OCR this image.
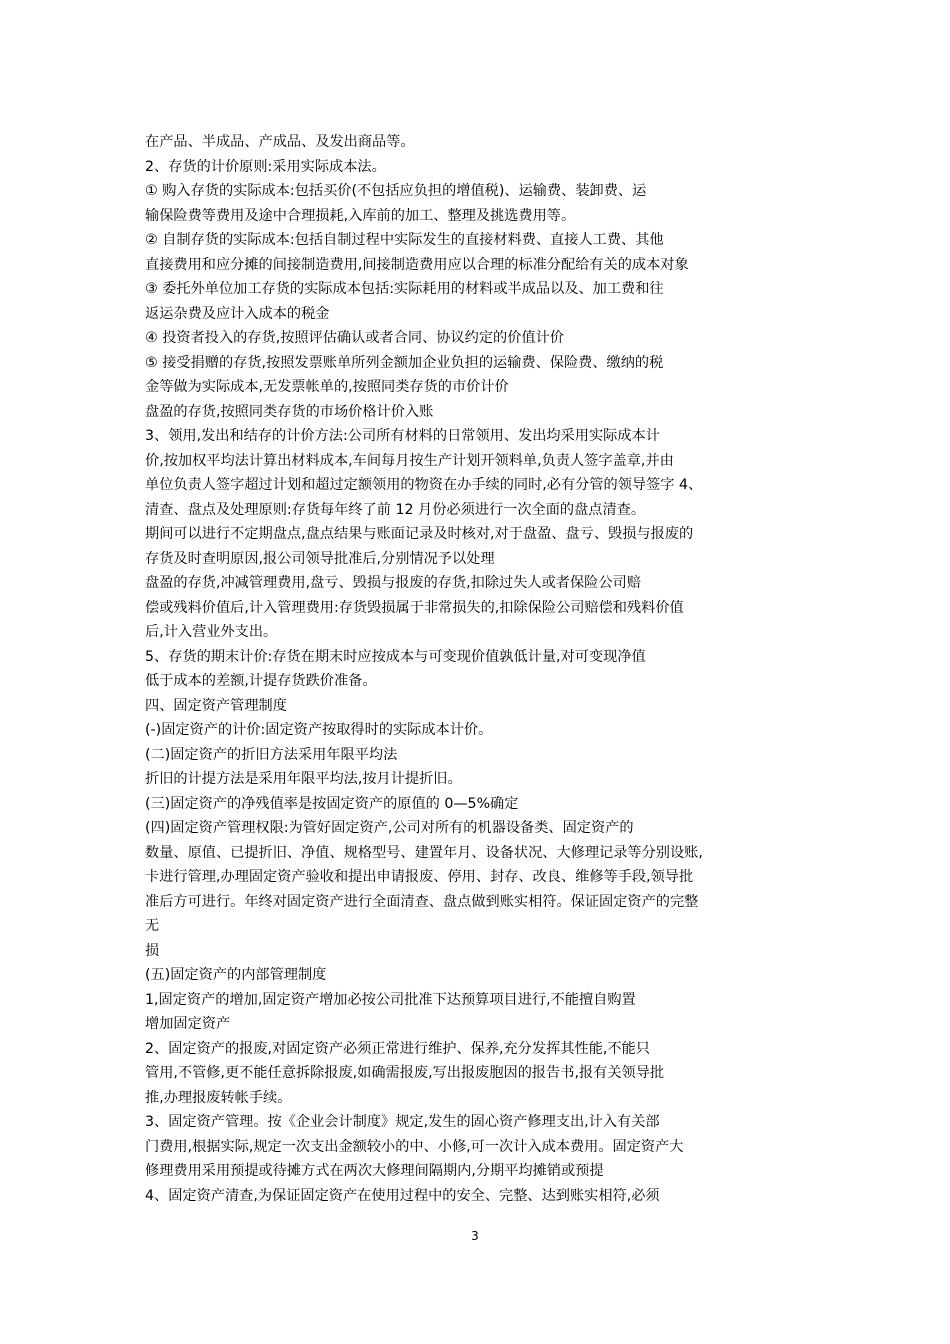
在产品、半成品、产成品、及发出商品等。
2、存货的计价原则:采用实际成本法。
① 购入存货的实际成本:包括买价(不包括应负担的增值税)、运输费、装卸费、运
输保险费等费用及途中合理损耗,入库前的加工、整理及挑选费用等。
② 自制存货的实际成本:包括自制过程中实际发生的直接材料费、直接人工费、其他
直接费用和应分摊的间接制造费用,间接制造费用应以合理的标准分配给有关的成本对象
③ 委托外单位加工存货的实际成本包括:实际耗用的材料或半成品以及、加工费和往
返运杂费及应计入成本的税金
④ 投资者投入的存货,按照评估确认或者合同、协议约定的价值计价
⑤ 接受捐赠的存货,按照发票账单所列金额加企业负担的运输费、保险费、缴纳的税
金等做为实际成本,无发票帐单的,按照同类存货的市价计价
盘盈的存货,按照同类存货的市场价格计价入账
3、领用,发出和结存的计价方法:公司所有材料的日常领用、发出均采用实际成本计
价,按加权平均法计算出材料成本,车间每月按生产计划开领料单,负责人签字盖章,并由
单位负责人签字超过计划和超过定额领用的物资在办手续的同时,必有分管的领导签字 4、
清查、盘点及处理原则:存货每年终了前 12 月份必须进行一次全面的盘点清查。
期间可以进行不定期盘点,盘点结果与账面记录及时核对,对于盘盈、盘亏、毁损与报废的
存货及时查明原因,报公司领导批准后,分别情况予以处理
盘盈的存货,冲减管理费用,盘亏、毁损与报废的存货,扣除过失人或者保险公司赔
偿或残料价值后,计入管理费用:存货毁损属于非常损失的,扣除保险公司赔偿和残料价值
后,计入营业外支出。
5、存货的期末计价:存货在期末时应按成本与可变现价值孰低计量,对可变现净值
低于成本的差额,计提存货跌价准备。
四、固定资产管理制度
(-)固定资产的计价:固定资产按取得时的实际成本计价。
(二)固定资产的折旧方法采用年限平均法
折旧的计提方法是采用年限平均法,按月计提折旧。
(三)固定资产的净残值率是按固定资产的原值的 0—5%确定
(四)固定资产管理权限:为管好固定资产,公司对所有的机器设备类、固定资产的
数量、原值、已提折旧、净值、规格型号、建置年月、设备状况、大修理记录等分别设账,
卡进行管理,办理固定资产验收和提出申请报废、停用、封存、改良、维修等手段,领导批
准后方可进行。年终对固定资产进行全面清查、盘点做到账实相符。保证固定资产的完整
无
损
(五)固定资产的内部管理制度
1,固定资产的增加,固定资产增加必按公司批准下达预算项目进行,不能擅自购置
增加固定资产
2、固定资产的报废,对固定资产必须正常进行维护、保养,充分发挥其性能,不能只
管用,不管修,更不能任意拆除报废,如确需报废,写出报废胞因的报告书,报有关领导批
推,办理报废转帐手续。
3、固定资产管理。按《企业会计制度》规定,发生的固心资产修理支出,计入有关部
门费用,根据实际,规定一次支出金额较小的中、小修,可一次计入成本费用。固定资产大
修理费用采用预提或待摊方式在两次大修理间隔期内,分期平均摊销或预提
4、固定资产清查,为保证固定资产在使用过程中的安全、完整、达到账实相符,必须
3
